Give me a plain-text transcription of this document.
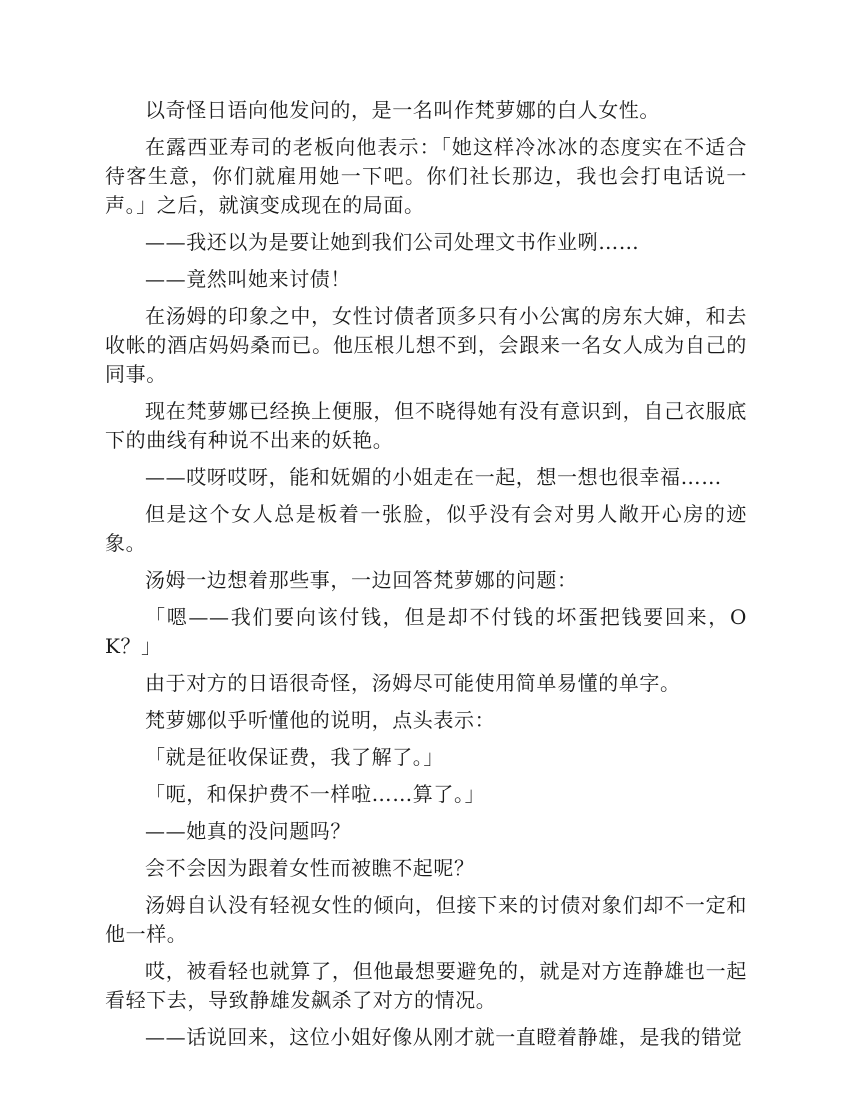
以奇怪日语向他发问的，是一名叫作梵萝娜的白人女性。

在露西亚寿司的老板向他表示：「她这样冷冰冰的态度实在不适合待客生意，你们就雇用她一下吧。你们社长那边，我也会打电话说一声。」之后，就演变成现在的局面。

——我还以为是要让她到我们公司处理文书作业咧……

——竟然叫她来讨债！

在汤姆的印象之中，女性讨债者顶多只有小公寓的房东大婶，和去收帐的酒店妈妈桑而已。他压根儿想不到，会跟来一名女人成为自己的同事。

现在梵萝娜已经换上便服，但不晓得她有没有意识到，自己衣服底下的曲线有种说不出来的妖艳。

——哎呀哎呀，能和妩媚的小姐走在一起，想一想也很幸福……

但是这个女人总是板着一张脸，似乎没有会对男人敞开心房的迹象。

汤姆一边想着那些事，一边回答梵萝娜的问题：

「嗯——我们要向该付钱，但是却不付钱的坏蛋把钱要回来，OK？」

由于对方的日语很奇怪，汤姆尽可能使用简单易懂的单字。

梵萝娜似乎听懂他的说明，点头表示：

「就是征收保证费，我了解了。」

「呃，和保护费不一样啦……算了。」

——她真的没问题吗？

会不会因为跟着女性而被瞧不起呢？

汤姆自认没有轻视女性的倾向，但接下来的讨债对象们却不一定和他一样。

哎，被看轻也就算了，但他最想要避免的，就是对方连静雄也一起看轻下去，导致静雄发飙杀了对方的情况。

——话说回来，这位小姐好像从刚才就一直瞪着静雄，是我的错觉
